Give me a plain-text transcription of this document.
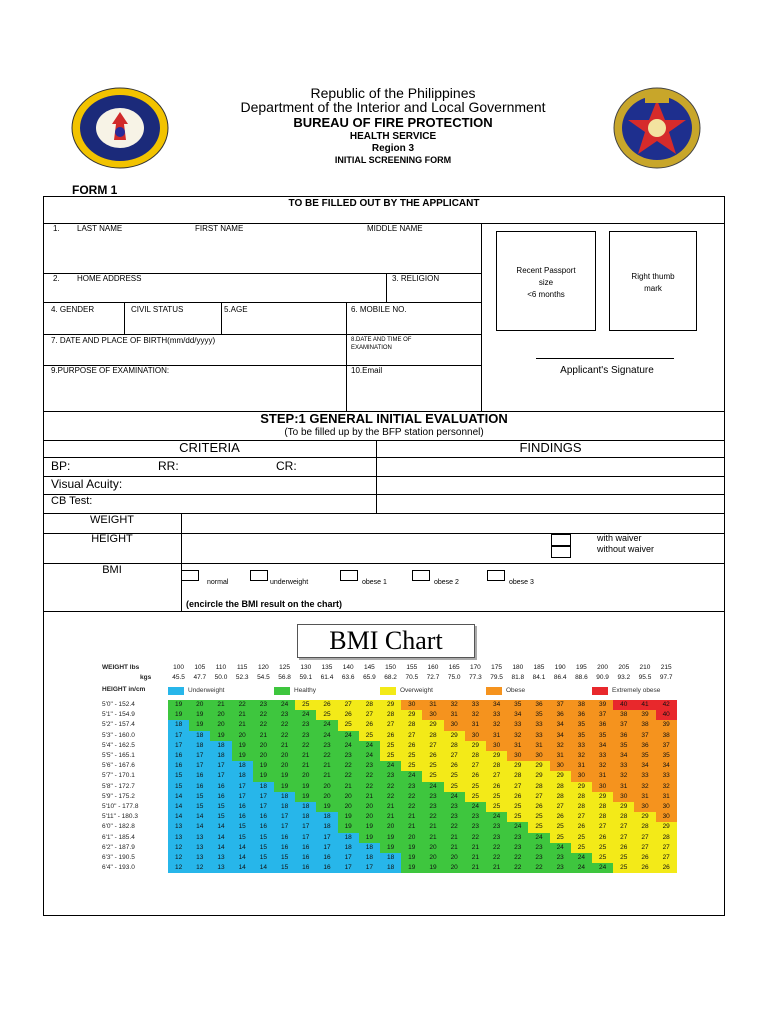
Republic of the Philippines
Department of the Interior and Local Government
BUREAU OF FIRE PROTECTION
HEALTH SERVICE
Region 3
INITIAL SCREENING FORM
FORM 1
TO BE FILLED OUT BY THE APPLICANT
1. LAST NAME	FIRST NAME	MIDDLE NAME
2. HOME ADDRESS	3. RELIGION
4. GENDER	CIVIL STATUS	5.AGE	6. MOBILE NO.
7. DATE AND PLACE OF BIRTH(mm/dd/yyyy)	8.DATE AND TIME OF
EXAMINATION
9.PURPOSE OF EXAMINATION:	10.Email
Recent Passport
size
<6 months
Right thumb
mark
Applicant's Signature
STEP:1 GENERAL INITIAL EVALUATION
(To be filled up by the BFP station personnel)
CRITERIA	FINDINGS
BP:	RR:	CR:
Visual Acuity:
CB Test:
WEIGHT
HEIGHT	with waiver
without waiver
BMI
normal	underweight	obese 1	obese 2	obese 3
(encircle the BMI result on the chart)
BMI Chart
WEIGHT lbs
kgs
HEIGHT in/cm
100	105	110	115	120	125	130	135	140	145	150	155	160	165	170	175	180	185	190	195	200	205	210	215
45.5	47.7	50.0	52.3	54.5	56.8	59.1	61.4	63.6	65.9	68.2	70.5	72.7	75.0	77.3	79.5	81.8	84.1	86.4	88.6	90.9	93.2	95.5	97.7
Underweight	Healthy	Overweight	Obese	Extremely obese
5'0" - 152.4	19	20	21	22	23	24	25	26	27	28	29	30	31	32	33	34	35	36	37	38	39	40	41	42
5'1" - 154.9	19	19	20	21	22	23	24	25	26	27	28	29	30	31	32	33	34	35	36	36	37	38	39	40
5'2" - 157.4	18	19	20	21	22	22	23	24	25	26	27	28	29	30	31	32	33	33	34	35	36	37	38	39
5'3" - 160.0	17	18	19	20	21	22	23	24	24	25	26	27	28	29	30	31	32	33	34	35	35	36	37	38
5'4" - 162.5	17	18	18	19	20	21	22	23	24	24	25	26	27	28	29	30	31	31	32	33	34	35	36	37
5'5" - 165.1	16	17	18	19	20	20	21	22	23	24	25	25	26	27	28	29	30	30	31	32	33	34	35	35
5'6" - 167.6	16	17	17	18	19	20	21	21	22	23	24	25	25	26	27	28	29	29	30	31	32	33	34	34
5'7" - 170.1	15	16	17	18	19	19	20	21	22	22	23	24	25	25	26	27	28	29	29	30	31	32	33	33
5'8" - 172.7	15	16	16	17	18	19	19	20	21	22	22	23	24	25	25	26	27	28	28	29	30	31	32	32
5'9" - 175.2	14	15	16	17	17	18	19	20	20	21	22	22	23	24	25	25	26	27	28	28	29	30	31	31
5'10" - 177.8	14	15	15	16	17	18	18	19	20	20	21	22	23	23	24	25	25	26	27	28	28	29	30	30
5'11" - 180.3	14	14	15	16	16	17	18	18	19	20	21	21	22	23	23	24	25	25	26	27	28	28	29	30
6'0" - 182.8	13	14	14	15	16	17	17	18	19	19	20	21	21	22	23	23	24	25	25	26	27	27	28	29
6'1" - 185.4	13	13	14	15	15	16	17	17	18	19	19	20	21	21	22	23	23	24	25	25	26	27	27	28
6'2" - 187.9	12	13	14	14	15	16	16	17	18	18	19	19	20	21	21	22	23	23	24	25	25	26	27	27
6'3" - 190.5	12	13	13	14	15	15	16	16	17	18	18	19	20	20	21	22	22	23	23	24	25	25	26	27
6'4" - 193.0	12	12	13	14	14	15	16	16	17	17	18	19	19	20	21	21	22	22	23	24	24	25	26	26
